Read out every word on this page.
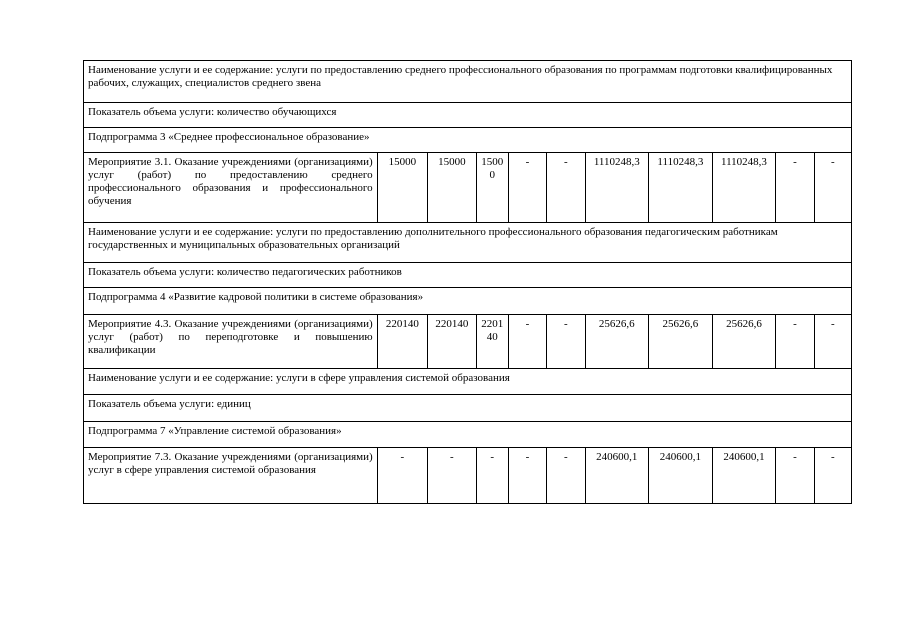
Наименование услуги и ее содержание: услуги по предоставлению среднего профессионального образования по программам подготовки квалифицированных рабочих, служащих, специалистов среднего звена										
Показатель объема услуги: количество обучающихся										
Подпрограмма 3 «Среднее профессиональное образование»										
Мероприятие 3.1. Оказание учреждениями (организациями) услуг (работ) по предоставлению среднего профессионального образования и профессионального обучения	15000	15000	15000	-	-	1110248,3	1110248,3	1110248,3	-	-
Наименование услуги и ее содержание: услуги по предоставлению дополнительного профессионального образования педагогическим работникам государственных и муниципальных образовательных организаций										
Показатель объема услуги: количество педагогических работников										
Подпрограмма 4 «Развитие кадровой политики в системе образования»										
Мероприятие 4.3. Оказание учреждениями (организациями) услуг (работ) по переподготовке и повышению квалификации	220140	220140	220140	-	-	25626,6	25626,6	25626,6	-	-
Наименование услуги и ее содержание: услуги в сфере управления системой образования										
Показатель объема услуги: единиц										
Подпрограмма 7 «Управление системой образования»										
Мероприятие 7.3. Оказание учреждениями (организациями) услуг в сфере управления системой образования	-	-	-	-	-	240600,1	240600,1	240600,1	-	-
